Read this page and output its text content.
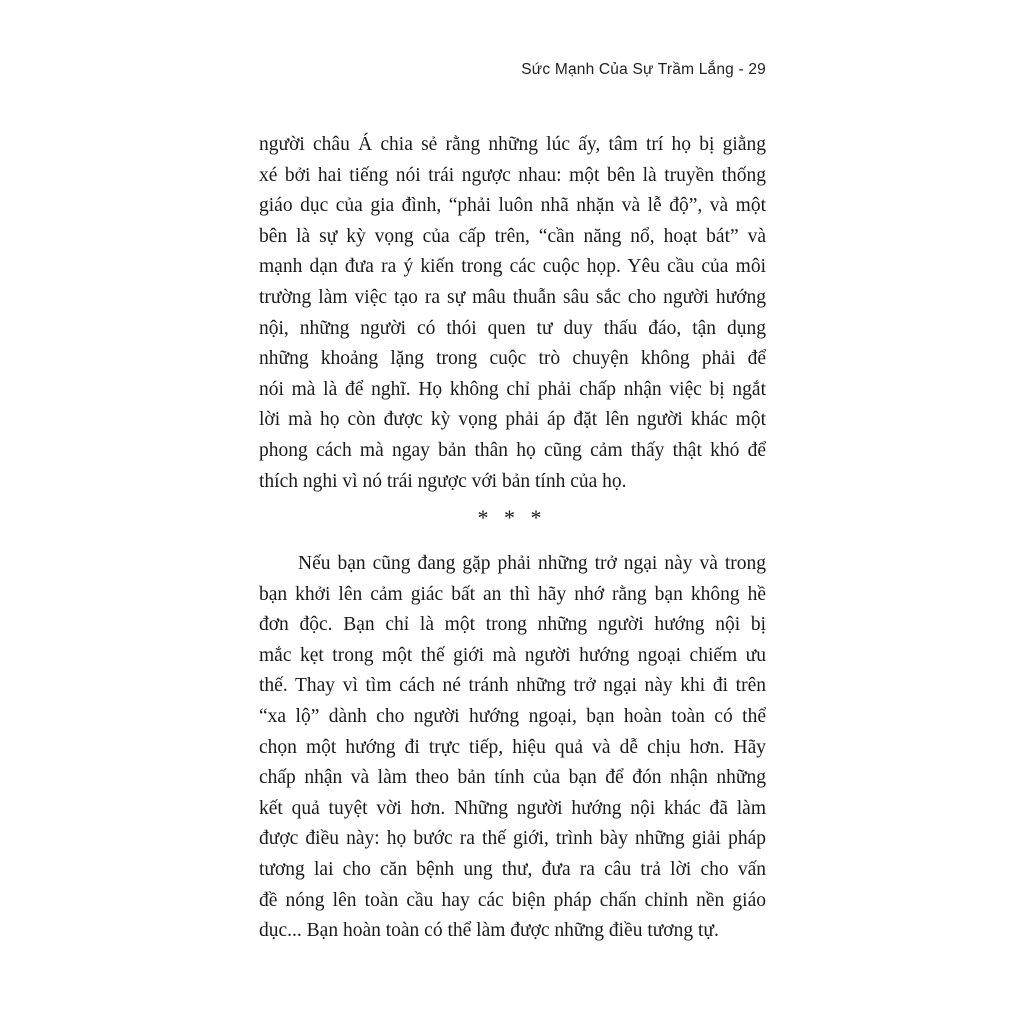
Sức Mạnh Của Sự Trầm Lắng - 29
người châu Á chia sẻ rằng những lúc ấy, tâm trí họ bị giằng
xé bởi hai tiếng nói trái ngược nhau: một bên là truyền thống
giáo dục của gia đình, “phải luôn nhã nhặn và lễ độ”, và một
bên là sự kỳ vọng của cấp trên, “cần năng nổ, hoạt bát” và
mạnh dạn đưa ra ý kiến trong các cuộc họp. Yêu cầu của môi
trường làm việc tạo ra sự mâu thuẫn sâu sắc cho người hướng
nội, những người có thói quen tư duy thấu đáo, tận dụng
những khoảng lặng trong cuộc trò chuyện không phải để
nói mà là để nghĩ. Họ không chỉ phải chấp nhận việc bị ngắt
lời mà họ còn được kỳ vọng phải áp đặt lên người khác một
phong cách mà ngay bản thân họ cũng cảm thấy thật khó để
thích nghi vì nó trái ngược với bản tính của họ.
* * *
Nếu bạn cũng đang gặp phải những trở ngại này và trong
bạn khởi lên cảm giác bất an thì hãy nhớ rằng bạn không hề
đơn độc. Bạn chỉ là một trong những người hướng nội bị
mắc kẹt trong một thế giới mà người hướng ngoại chiếm ưu
thế. Thay vì tìm cách né tránh những trở ngại này khi đi trên
“xa lộ” dành cho người hướng ngoại, bạn hoàn toàn có thể
chọn một hướng đi trực tiếp, hiệu quả và dễ chịu hơn. Hãy
chấp nhận và làm theo bản tính của bạn để đón nhận những
kết quả tuyệt vời hơn. Những người hướng nội khác đã làm
được điều này: họ bước ra thế giới, trình bày những giải pháp
tương lai cho căn bệnh ung thư, đưa ra câu trả lời cho vấn
đề nóng lên toàn cầu hay các biện pháp chấn chỉnh nền giáo
dục... Bạn hoàn toàn có thể làm được những điều tương tự.
